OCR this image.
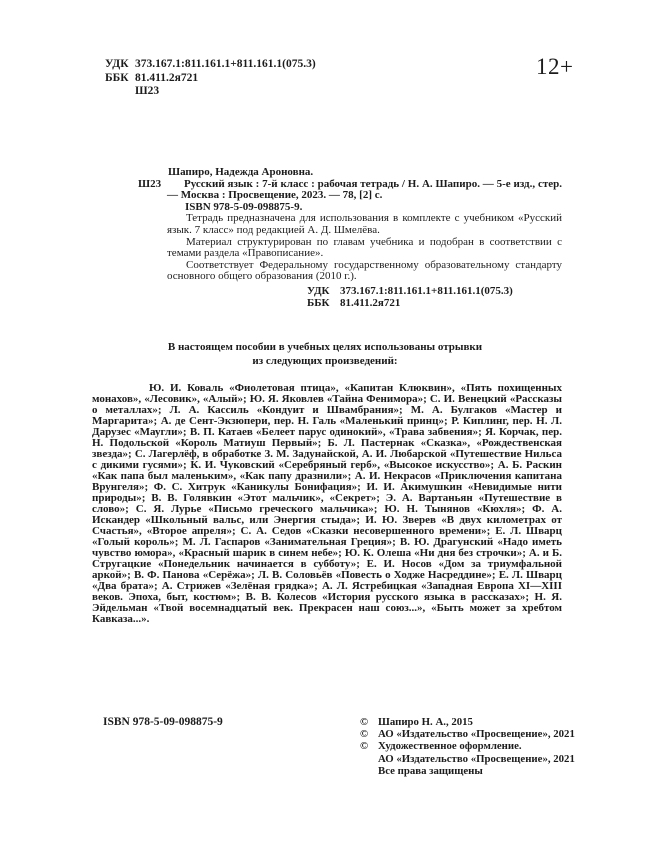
УДК 373.167.1:811.161.1+811.161.1(075.3)
ББК 81.411.2я721
Ш23
12+
Шапиро, Надежда Ароновна.
Ш23	Русский язык : 7-й класс : рабочая тетрадь / Н. А. Шапиро. — 5-е изд., стер. — Москва : Просвещение, 2023. — 78, [2] с.
ISBN 978-5-09-098875-9.

Тетрадь предназначена для использования в комплекте с учебником «Русский язык. 7 класс» под редакцией А. Д. Шмелёва.

Материал структурирован по главам учебника и подобран в соответствии с темами раздела «Правописание».

Соответствует Федеральному государственному образовательному стандарту основного общего образования (2010 г.).

УДК 373.167.1:811.161.1+811.161.1(075.3)
ББК 81.411.2я721
В настоящем пособии в учебных целях использованы отрывки
из следующих произведений:
Ю. И. Коваль «Фиолетовая птица», «Капитан Клюквин», «Пять похищенных монахов», «Лесовик», «Алый»; Ю. Я. Яковлев «Тайна Фенимора»; С. И. Венецкий «Рассказы о металлах»; Л. А. Кассиль «Кондуит и Швамбрания»; М. А. Булгаков «Мастер и Маргарита»; А. де Сент-Экзюпери, пер. Н. Галь «Маленький принц»; Р. Киплинг, пер. Н. Л. Дарузес «Маугли»; В. П. Катаев «Белеет парус одинокий», «Трава забвения»; Я. Корчак, пер. Н. Подольской «Король Матиуш Первый»; Б. Л. Пастернак «Сказка», «Рождественская звезда»; С. Лагерлёф, в обработке З. М. Задунайской, А. И. Любарской «Путешествие Нильса с дикими гусями»; К. И. Чуковский «Серебряный герб», «Высокое искусство»; А. Б. Раскин «Как папа был маленьким», «Как папу дразнили»; А. И. Некрасов «Приключения капитана Врунгеля»; Ф. С. Хитрук «Каникулы Бонифация»; И. И. Акимушкин «Невидимые нити природы»; В. В. Голявкин «Этот мальчик», «Секрет»; Э. А. Вартаньян «Путешествие в слово»; С. Я. Лурье «Письмо греческого мальчика»; Ю. Н. Тынянов «Кюхля»; Ф. А. Искандер «Школьный вальс, или Энергия стыда»; И. Ю. Зверев «В двух километрах от Счастья», «Второе апреля»; С. А. Седов «Сказки несовершенного времени»; Е. Л. Шварц «Голый король»; М. Л. Гаспаров «Занимательная Греция»; В. Ю. Драгунский «Надо иметь чувство юмора», «Красный шарик в синем небе»; Ю. К. Олеша «Ни дня без строчки»; А. и Б. Стругацкие «Понедельник начинается в субботу»; Е. И. Носов «Дом за триумфальной аркой»; В. Ф. Панова «Серёжа»; Л. В. Соловьёв «Повесть о Ходже Насреддине»; Е. Л. Шварц «Два брата»; А. Стрижев «Зелёная грядка»; А. Л. Ястребицкая «Западная Европа XI—XIII веков. Эпоха, быт, костюм»; В. В. Колесов «История русского языка в рассказах»; Н. Я. Эйдельман «Твой восемнадцатый век. Прекрасен наш союз...», «Быть может за хребтом Кавказа...».
ISBN 978-5-09-098875-9	© Шапиро Н. А., 2015
© АО «Издательство «Просвещение», 2021
© Художественное оформление.
АО «Издательство «Просвещение», 2021
Все права защищены
